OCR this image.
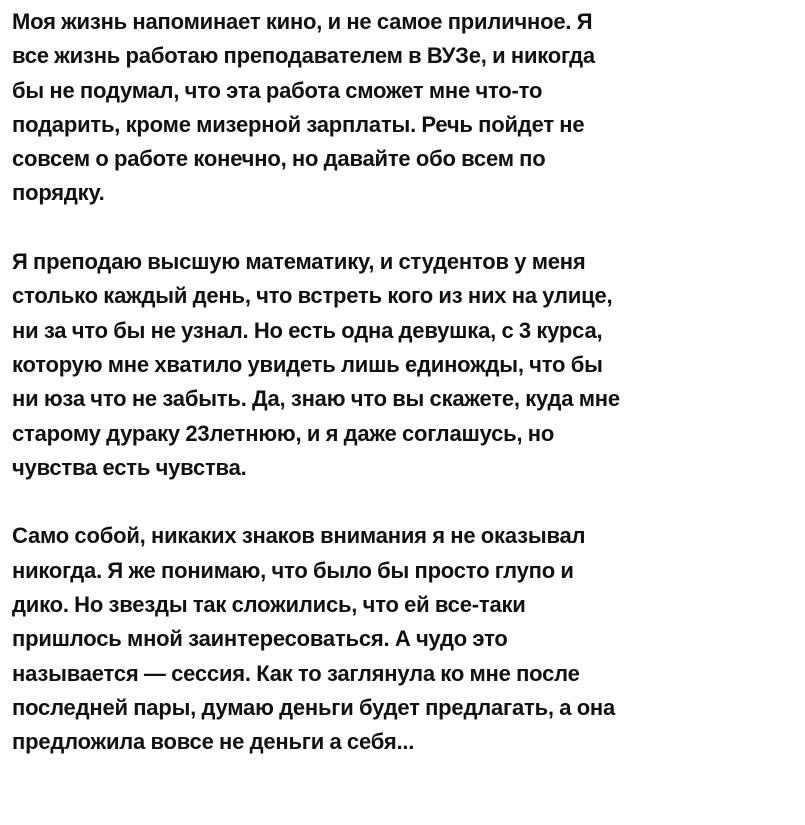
Моя жизнь напоминает кино, и не самое приличное. Я
все жизнь работаю преподавателем в ВУЗе, и никогда
бы не подумал, что эта работа сможет мне что-то
подарить, кроме мизерной зарплаты. Речь пойдет не
совсем о работе конечно, но давайте обо всем по
порядку.

Я преподаю высшую математику, и студентов у меня
столько каждый день, что встреть кого из них на улице,
ни за что бы не узнал. Но есть одна девушка, с 3 курса,
которую мне хватило увидеть лишь единожды, что бы
ни юза что не забыть. Да, знаю что вы скажете, куда мне
старому дураку 23летнюю, и я даже соглашусь, но
чувства есть чувства.

Само собой, никаких знаков внимания я не оказывал
никогда. Я же понимаю, что было бы просто глупо и
дико. Но звезды так сложились, что ей все-таки
пришлось мной заинтересоваться. А чудо это
называется — сессия. Как то заглянула ко мне после
последней пары, думаю деньги будет предлагать, а она
предложила вовсе не деньги а себя...
